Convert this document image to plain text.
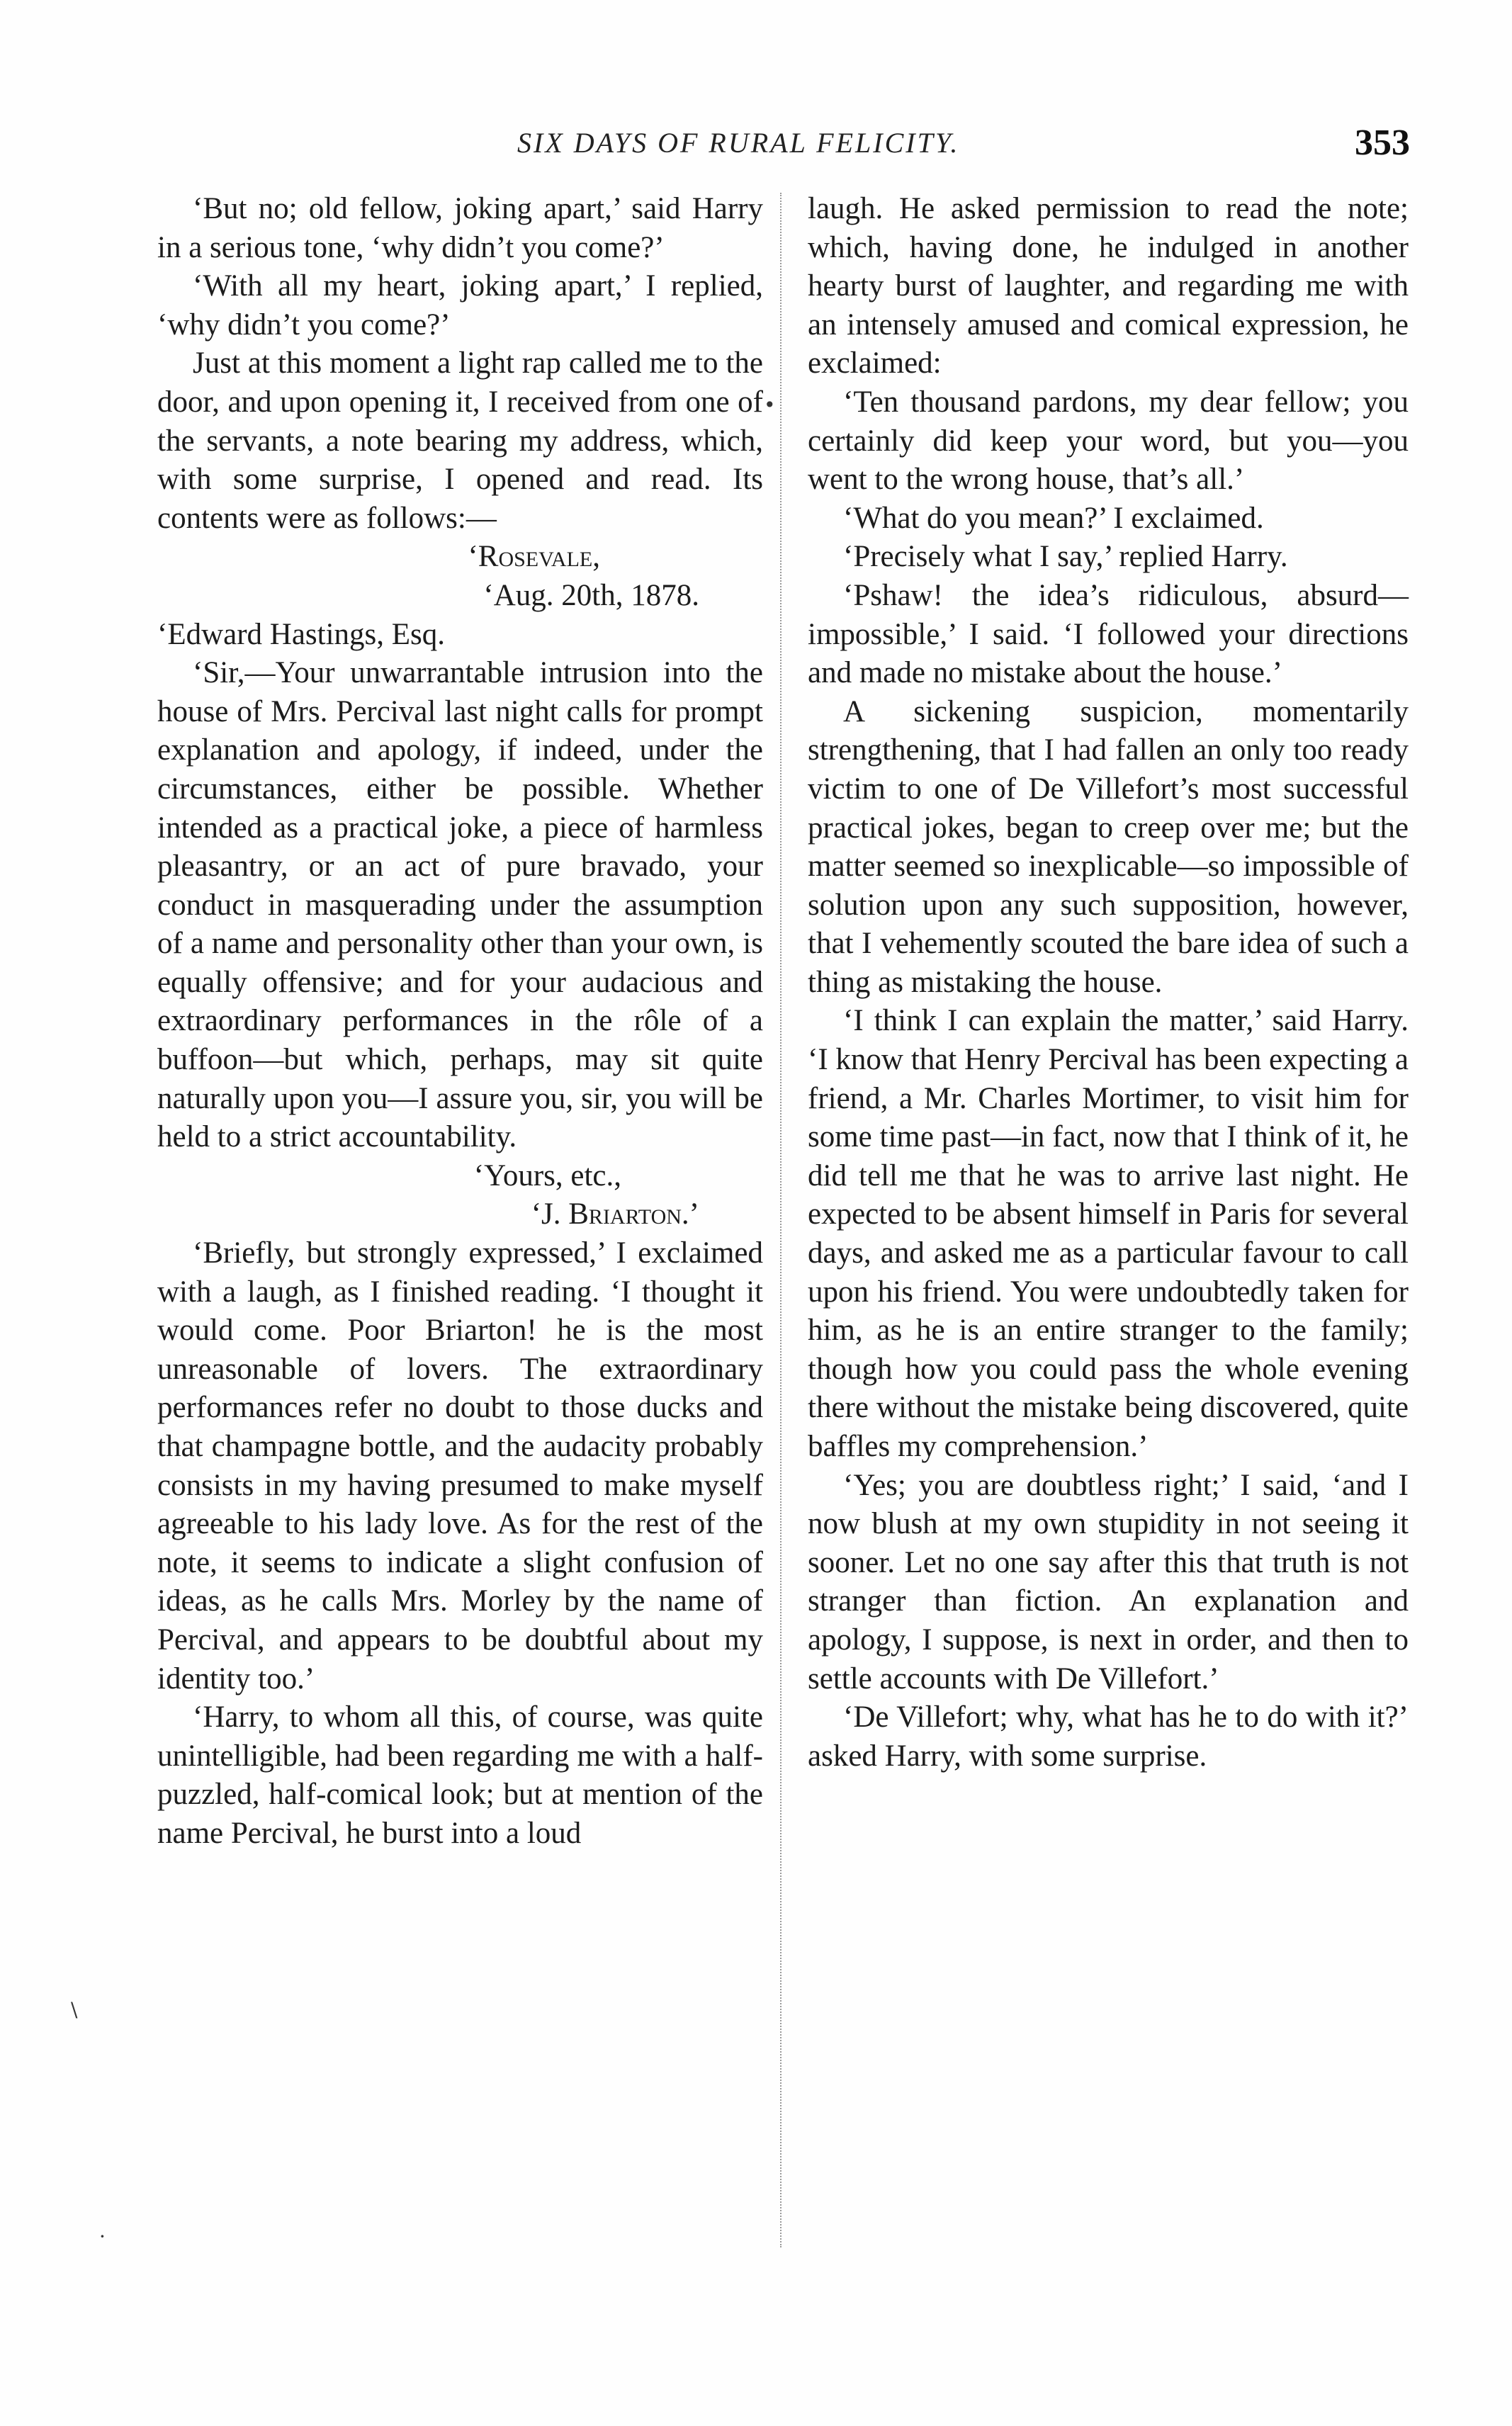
SIX DAYS OF RURAL FELICITY.	353

‘But no; old fellow, joking apart,’ said Harry in a serious tone, ‘why didn’t you come?’

‘With all my heart, joking apart,’ I replied, ‘why didn’t you come?’

Just at this moment a light rap called me to the door, and upon opening it, I received from one of the servants, a note bearing my address, which, with some surprise, I opened and read. Its contents were as follows:—

‘Rosevale,

‘Aug. 20th, 1878.

‘Edward Hastings, Esq.

‘Sir,—Your unwarrantable intrusion into the house of Mrs. Percival last night calls for prompt explanation and apology, if indeed, under the circumstances, either be possible. Whether intended as a practical joke, a piece of harmless pleasantry, or an act of pure bravado, your conduct in masquerading under the assumption of a name and personality other than your own, is equally offensive; and for your audacious and extraordinary performances in the rôle of a buffoon—but which, perhaps, may sit quite naturally upon you—I assure you, sir, you will be held to a strict accountability.

‘Yours, etc.,

‘J. Briarton.’

‘Briefly, but strongly expressed,’ I exclaimed with a laugh, as I finished reading. ‘I thought it would come. Poor Briarton! he is the most unreasonable of lovers. The extraordinary performances refer no doubt to those ducks and that champagne bottle, and the audacity probably consists in my having presumed to make myself agreeable to his lady love. As for the rest of the note, it seems to indicate a slight confusion of ideas, as he calls Mrs. Morley by the name of Percival, and appears to be doubtful about my identity too.’

‘Harry, to whom all this, of course, was quite unintelligible, had been regarding me with a half-puzzled, half-comical look; but at mention of the name Percival, he burst into a loud

laugh. He asked permission to read the note; which, having done, he indulged in another hearty burst of laughter, and regarding me with an intensely amused and comical expression, he exclaimed:

‘Ten thousand pardons, my dear fellow; you certainly did keep your word, but you—you went to the wrong house, that’s all.’

‘What do you mean?’ I exclaimed.

‘Precisely what I say,’ replied Harry.

‘Pshaw! the idea’s ridiculous, absurd—impossible,’ I said. ‘I followed your directions and made no mistake about the house.’

A sickening suspicion, momentarily strengthening, that I had fallen an only too ready victim to one of De Villefort’s most successful practical jokes, began to creep over me; but the matter seemed so inexplicable—so impossible of solution upon any such supposition, however, that I vehemently scouted the bare idea of such a thing as mistaking the house.

‘I think I can explain the matter,’ said Harry. ‘I know that Henry Percival has been expecting a friend, a Mr. Charles Mortimer, to visit him for some time past—in fact, now that I think of it, he did tell me that he was to arrive last night. He expected to be absent himself in Paris for several days, and asked me as a particular favour to call upon his friend. You were undoubtedly taken for him, as he is an entire stranger to the family; though how you could pass the whole evening there without the mistake being discovered, quite baffles my comprehension.’

‘Yes; you are doubtless right;’ I said, ‘and I now blush at my own stupidity in not seeing it sooner. Let no one say after this that truth is not stranger than fiction. An explanation and apology, I suppose, is next in order, and then to settle accounts with De Villefort.’

‘De Villefort; why, what has he to do with it?’ asked Harry, with some surprise.

•
\
·
